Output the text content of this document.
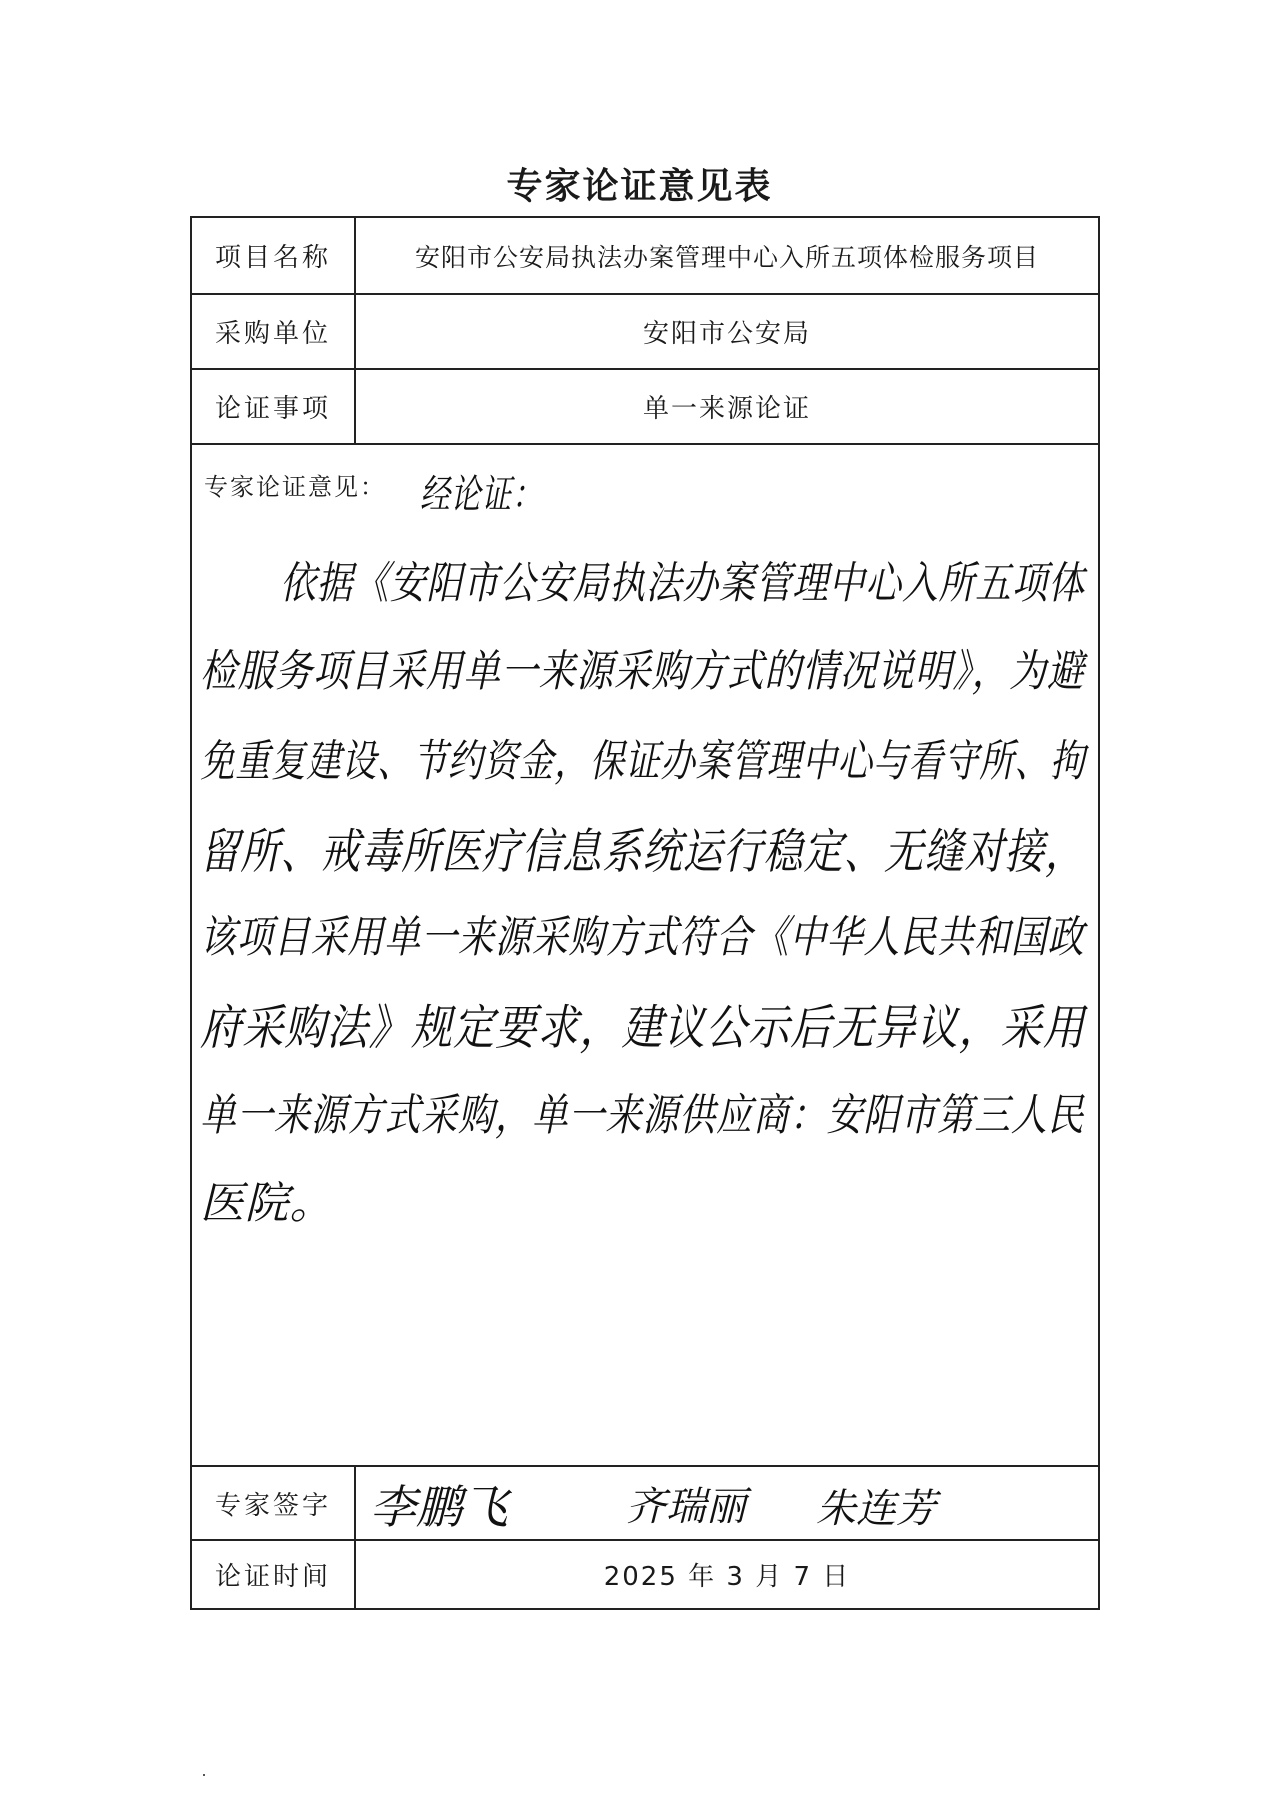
专家论证意见表
项目名称	安阳市公安局执法办案管理中心入所五项体检服务项目
采购单位	安阳市公安局
论证事项	单一来源论证
专家论证意见： 经论证：
依据《安阳市公安局执法办案管理中心入所五项体
检服务项目采用单一来源采购方式的情况说明》，为避
免重复建设、节约资金，保证办案管理中心与看守所、拘
留所、戒毒所医疗信息系统运行稳定、无缝对接，
该项目采用单一来源采购方式符合《中华人民共和国政
府采购法》规定要求，建议公示后无异议，采用
单一来源方式采购，单一来源供应商：安阳市第三人民
医院。
专家签字 李鹏飞	齐瑞丽 朱连芳
论证时间	2025 年 3 月 7 日
